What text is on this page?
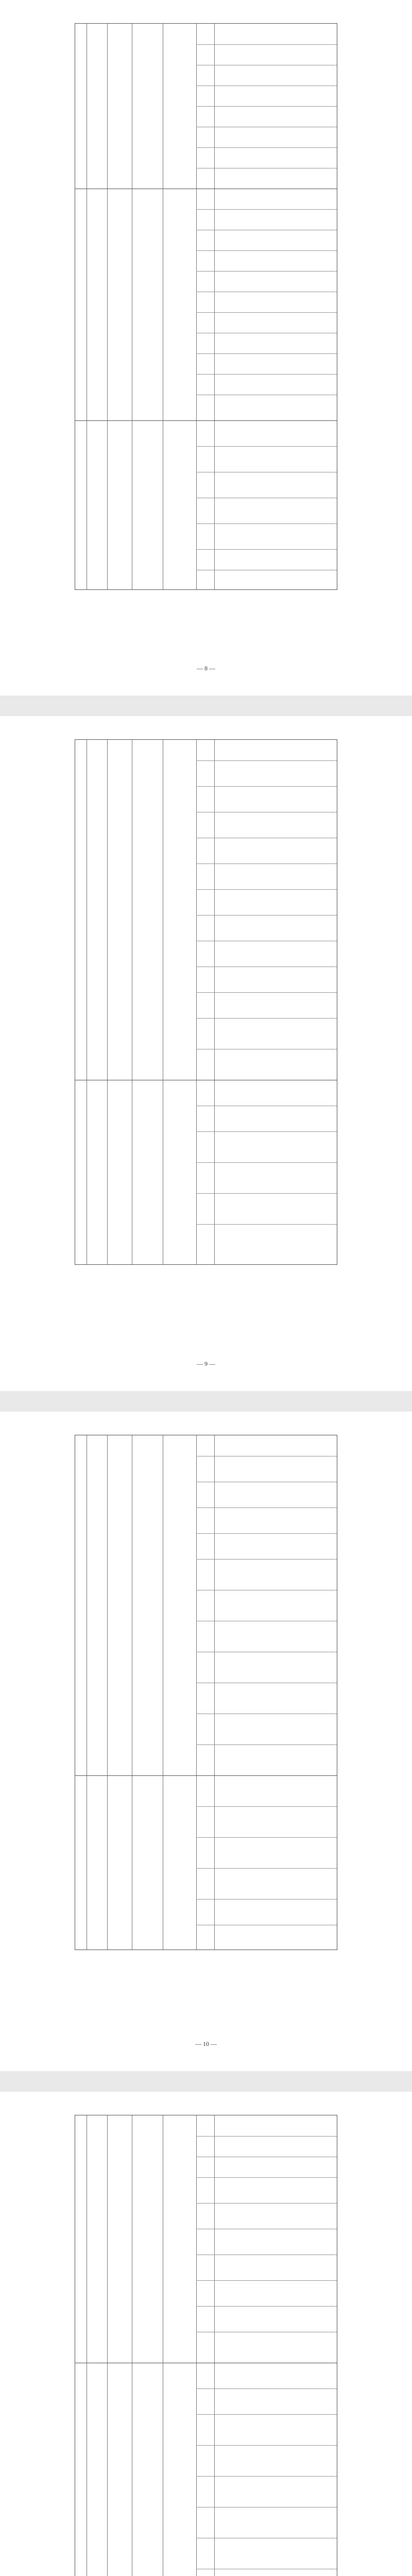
— 8 —
— 9 —
— 10 —
